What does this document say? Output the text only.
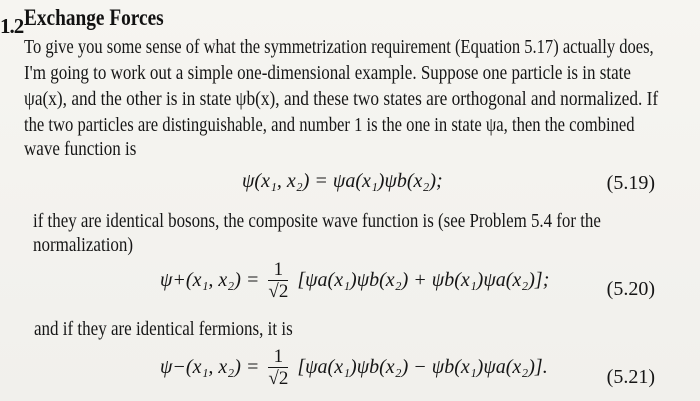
1.2 Exchange Forces
To give you some sense of what the symmetrization requirement (Equation 5.17) actually does,
I'm going to work out a simple one-dimensional example. Suppose one particle is in state
ψa(x), and the other is in state ψb(x), and these two states are orthogonal and normalized. If
the two particles are distinguishable, and number 1 is the one in state ψa, then the combined
wave function is
ψ(x₁, x₂) = ψa(x₁)ψb(x₂);	(5.19)
if they are identical bosons, the composite wave function is (see Problem 5.4 for the
normalization)
ψ+(x₁, $x_2) = \frac{1}{√2} [\psi a(x_1)\psi b(x_2) + \psi b(x_1)\psi a(x_2)]$;	(5.20)
and if they are identical fermions, it is
ψ−(x₁, $x_2) = \frac{1}{√2} [\psi a(x_1)\psi b(x_2) - \psi b(x_1)\psi a(x_2)]$.	(5.21)
